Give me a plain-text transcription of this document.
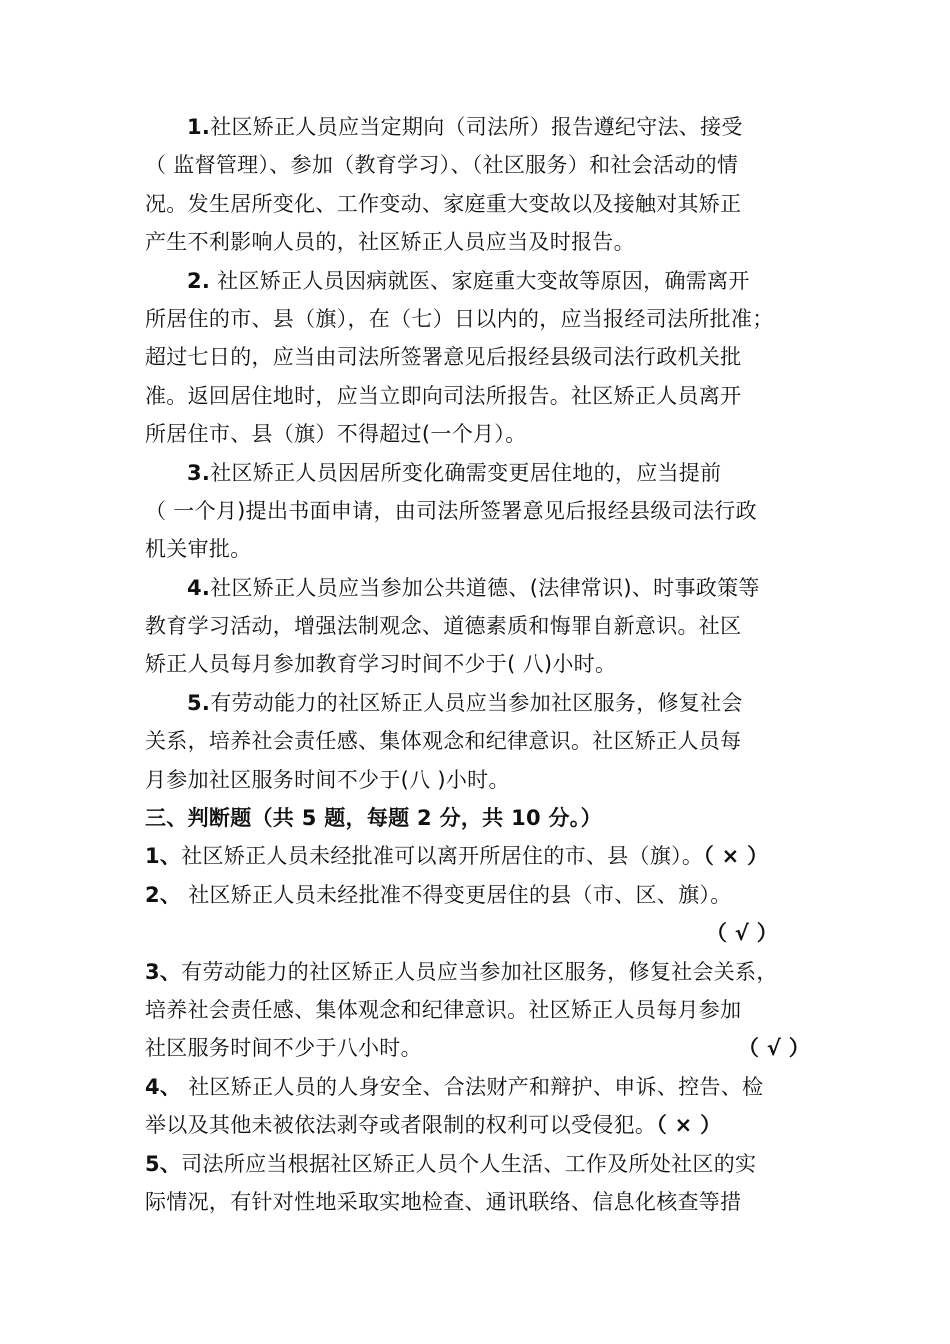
1.社区矫正人员应当定期向（司法所）报告遵纪守法、接受
（ 监督管理）、参加（教育学习）、（社区服务）和社会活动的情
况。发生居所变化、工作变动、家庭重大变故以及接触对其矫正
产生不利影响人员的，社区矫正人员应当及时报告。
2. 社区矫正人员因病就医、家庭重大变故等原因，确需离开
所居住的市、县（旗），在（七）日以内的，应当报经司法所批准；
超过七日的，应当由司法所签署意见后报经县级司法行政机关批
准。返回居住地时，应当立即向司法所报告。社区矫正人员离开
所居住市、县（旗）不得超过(一个月）。
3.社区矫正人员因居所变化确需变更居住地的，应当提前
（ 一个月)提出书面申请，由司法所签署意见后报经县级司法行政
机关审批。
4.社区矫正人员应当参加公共道德、(法律常识)、时事政策等
教育学习活动，增强法制观念、道德素质和悔罪自新意识。社区
矫正人员每月参加教育学习时间不少于( 八)小时。
5.有劳动能力的社区矫正人员应当参加社区服务，修复社会
关系，培养社会责任感、集体观念和纪律意识。社区矫正人员每
月参加社区服务时间不少于(八 )小时。
三、判断题（共 5 题，每题 2 分，共 10 分。）
1、社区矫正人员未经批准可以离开所居住的市、县（旗）。（ × ）
2、 社区矫正人员未经批准不得变更居住的县（市、区、旗）。
（ √ ）
3、有劳动能力的社区矫正人员应当参加社区服务，修复社会关系，
培养社会责任感、集体观念和纪律意识。社区矫正人员每月参加
社区服务时间不少于八小时。	（ √ ）
4、 社区矫正人员的人身安全、合法财产和辩护、申诉、控告、检
举以及其他未被依法剥夺或者限制的权利可以受侵犯。（ × ）
5、司法所应当根据社区矫正人员个人生活、工作及所处社区的实
际情况，有针对性地采取实地检查、通讯联络、信息化核查等措
